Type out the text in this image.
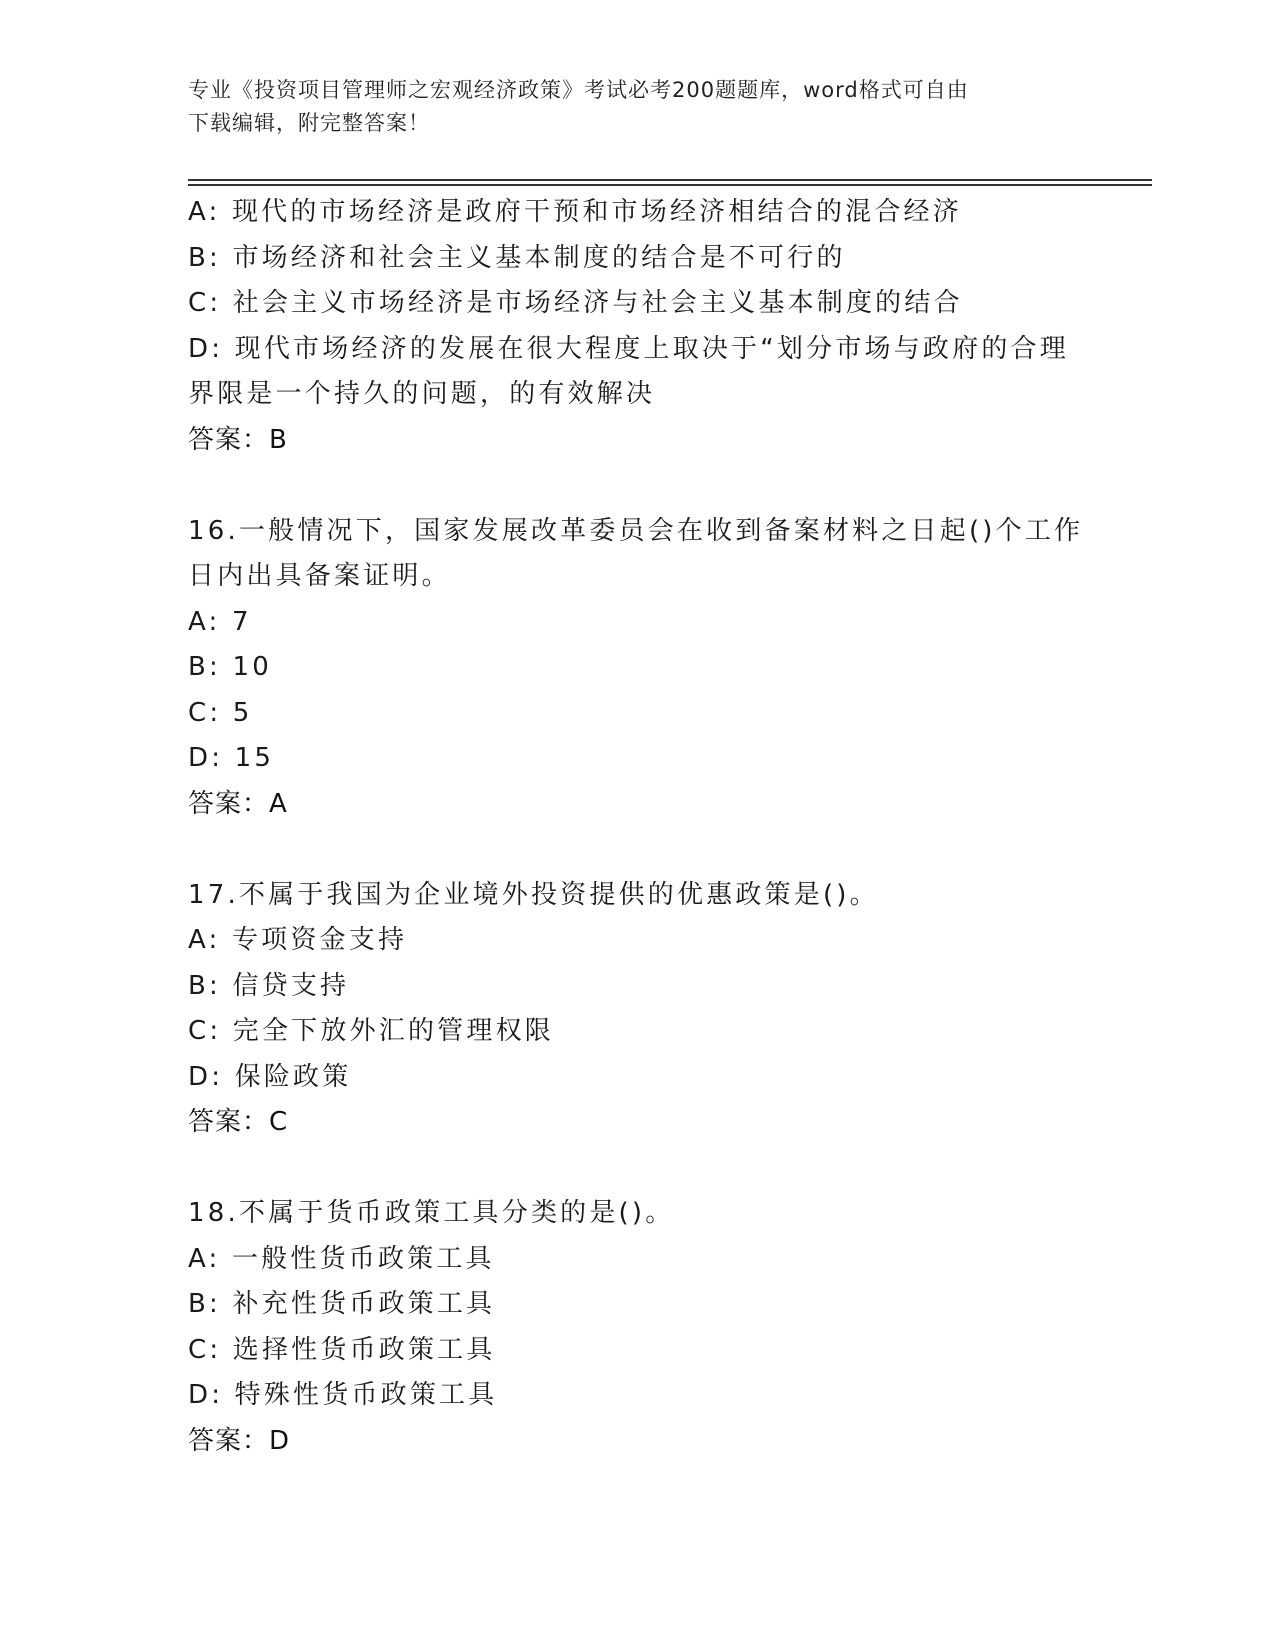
专业《投资项目管理师之宏观经济政策》考试必考200题题库，word格式可自由
下载编辑，附完整答案！
A: 现代的市场经济是政府干预和市场经济相结合的混合经济
B: 市场经济和社会主义基本制度的结合是不可行的
C: 社会主义市场经济是市场经济与社会主义基本制度的结合
D: 现代市场经济的发展在很大程度上取决于“划分市场与政府的合理
界限是一个持久的问题，的有效解决
答案：B
16.一般情况下，国家发展改革委员会在收到备案材料之日起()个工作
日内出具备案证明。
A: 7
B: 10
C: 5
D: 15
答案：A
17.不属于我国为企业境外投资提供的优惠政策是()。
A: 专项资金支持
B: 信贷支持
C: 完全下放外汇的管理权限
D: 保险政策
答案：C
18.不属于货币政策工具分类的是()。
A: 一般性货币政策工具
B: 补充性货币政策工具
C: 选择性货币政策工具
D: 特殊性货币政策工具
答案：D
